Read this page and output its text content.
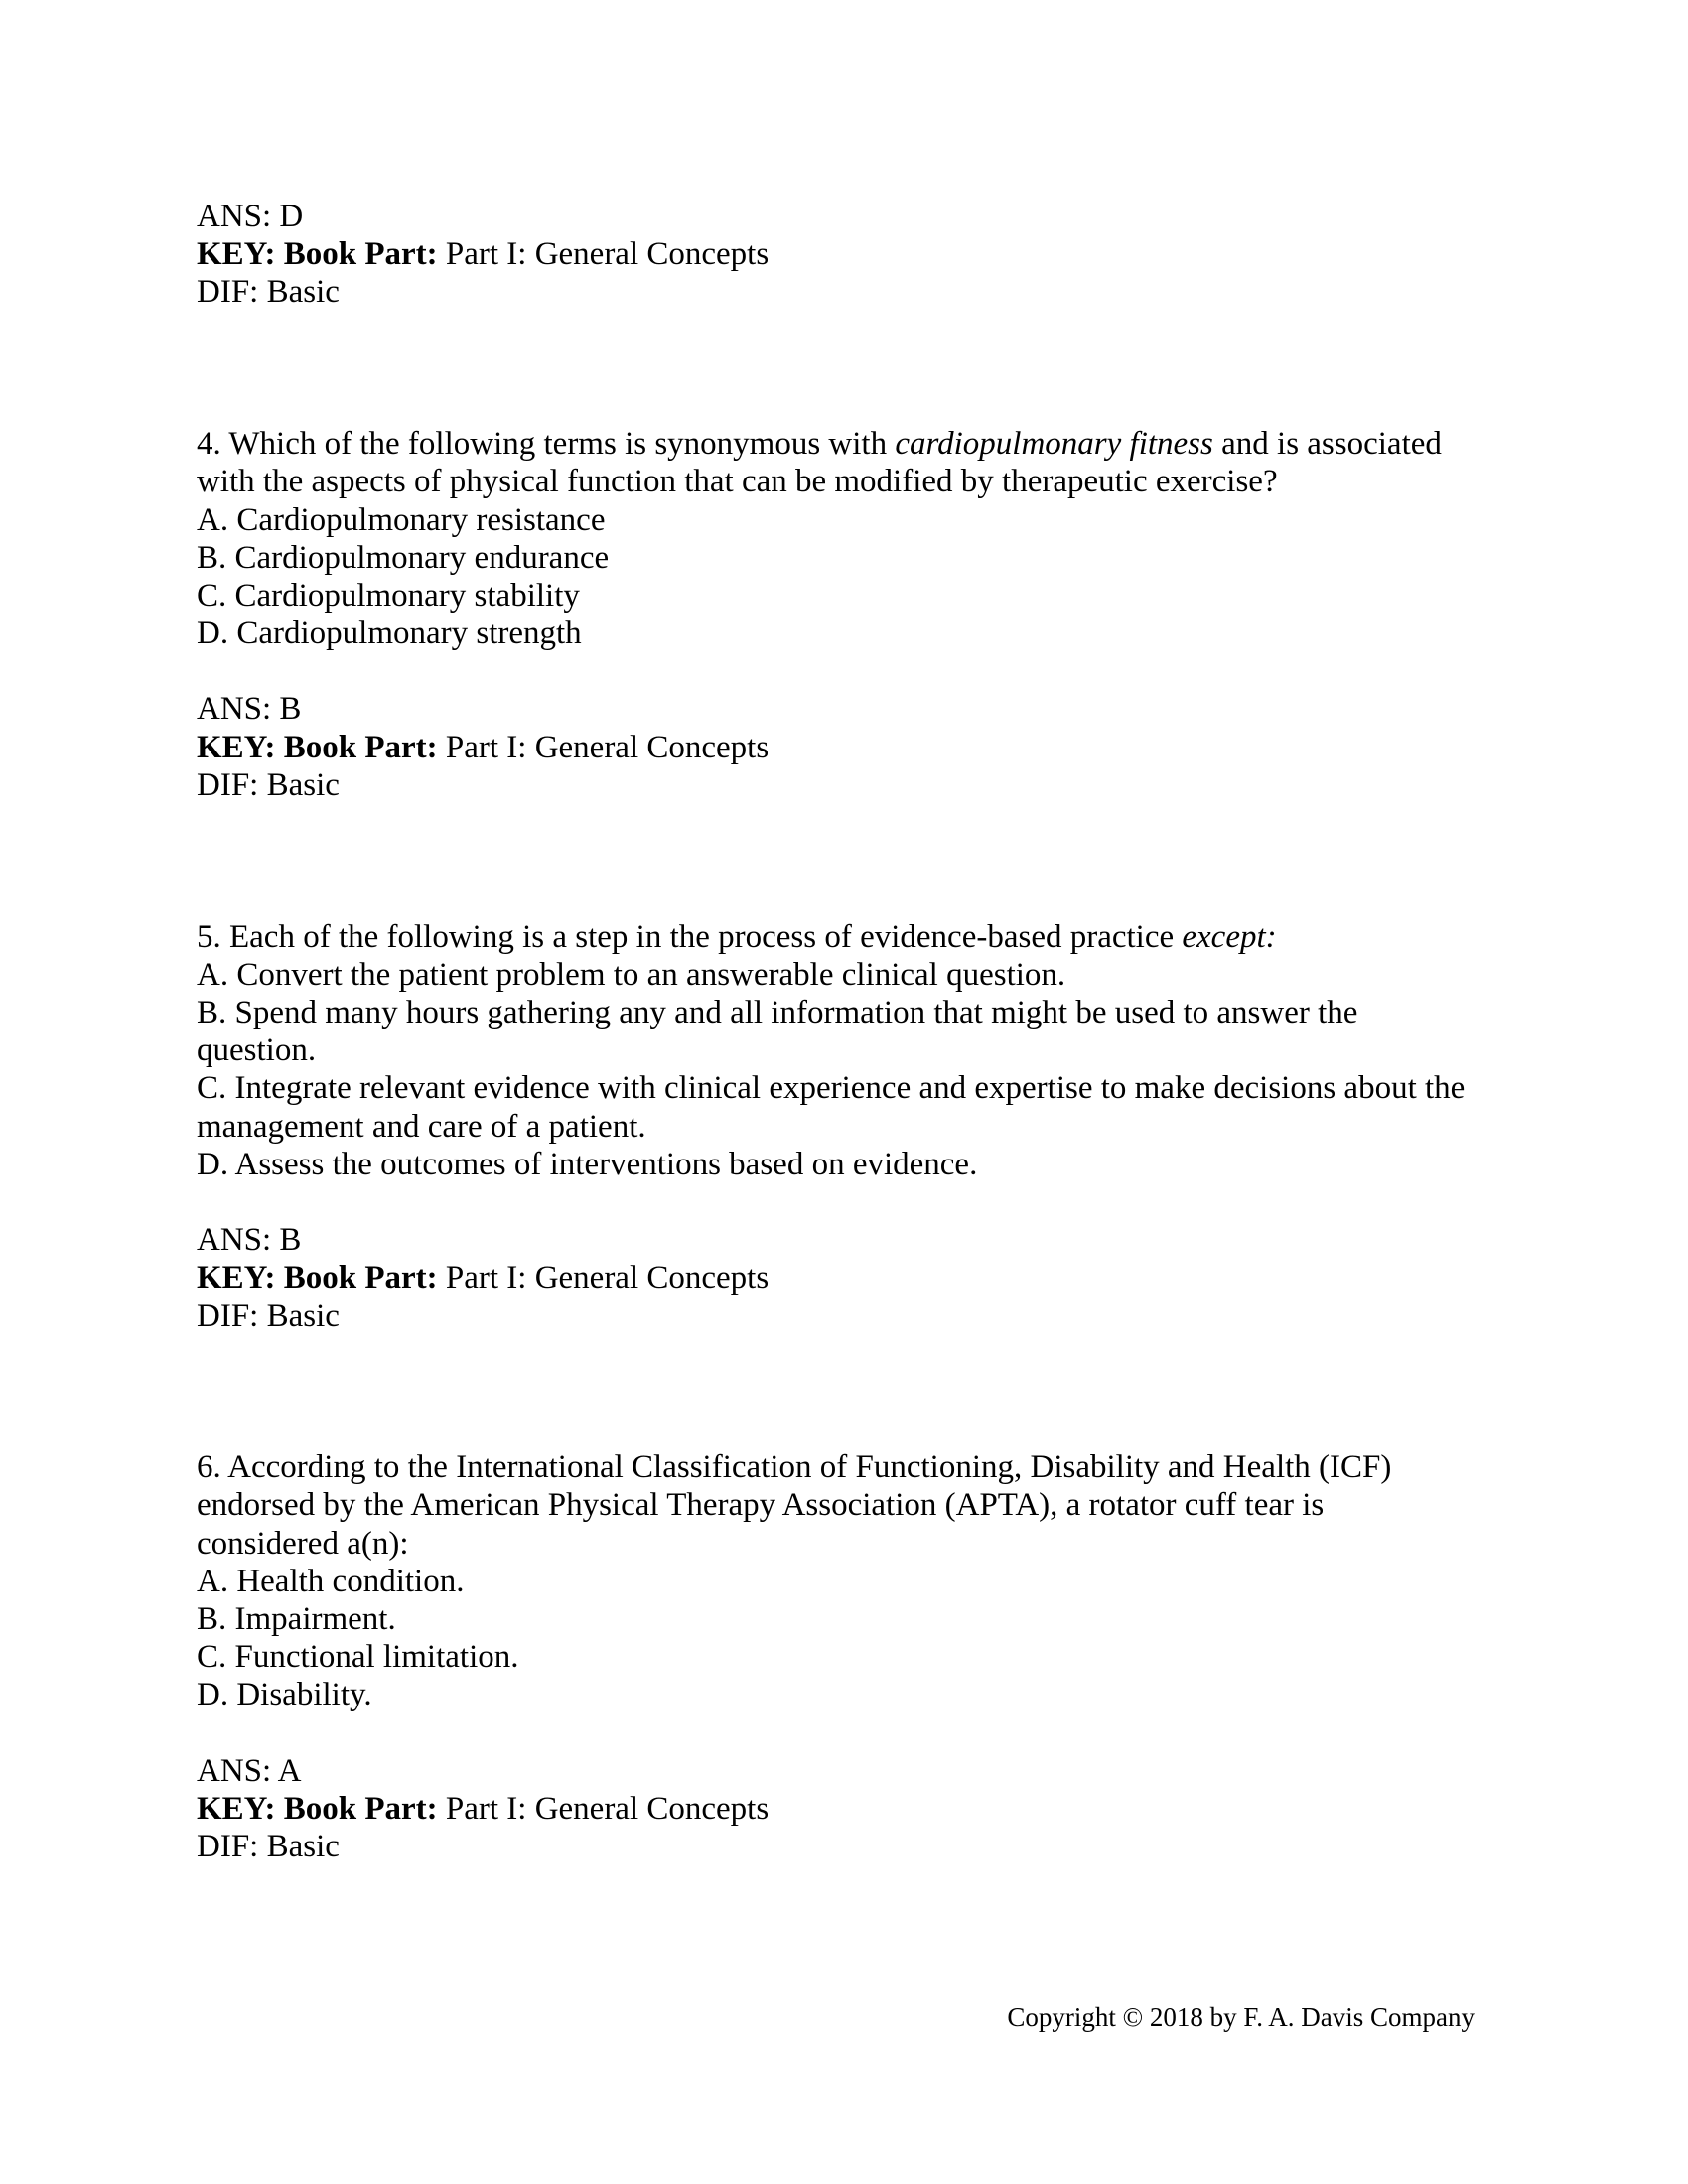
ANS: D
KEY: Book Part: Part I: General Concepts
DIF: Basic
4. Which of the following terms is synonymous with cardiopulmonary fitness and is associated
with the aspects of physical function that can be modified by therapeutic exercise?
A. Cardiopulmonary resistance
B. Cardiopulmonary endurance
C. Cardiopulmonary stability
D. Cardiopulmonary strength
ANS: B
KEY: Book Part: Part I: General Concepts
DIF: Basic
5. Each of the following is a step in the process of evidence-based practice except:
A. Convert the patient problem to an answerable clinical question.
B. Spend many hours gathering any and all information that might be used to answer the
question.
C. Integrate relevant evidence with clinical experience and expertise to make decisions about the
management and care of a patient.
D. Assess the outcomes of interventions based on evidence.
ANS: B
KEY: Book Part: Part I: General Concepts
DIF: Basic
6. According to the International Classification of Functioning, Disability and Health (ICF)
endorsed by the American Physical Therapy Association (APTA), a rotator cuff tear is
considered a(n):
A. Health condition.
B. Impairment.
C. Functional limitation.
D. Disability.
ANS: A
KEY: Book Part: Part I: General Concepts
DIF: Basic
Copyright © 2018 by F. A. Davis Company
